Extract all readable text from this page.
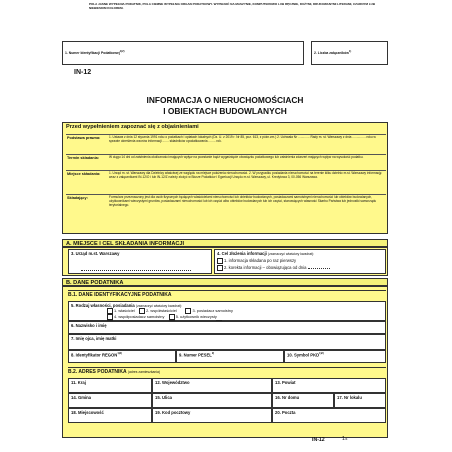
POLA JASNE WYPEŁNIA PODATNIK, POLA CIEMNE WYPEŁNIA ORGAN PODATKOWY. WYPEŁNIĆ NA MASZYNIE, KOMPUTEROWO LUB RĘCZNIE, DUŻYMI, DRUKOWANYMI LITERAMI, CZARNYM LUB NIEBIESKIM KOLOREM.
1. Numer Identyfikacji Podatkowej$^{1)2)}$	2. Liczba załączników$^{1)}$
IN-12
INFORMACJA O NIERUCHOMOŚCIACH
I OBIEKTACH BUDOWLANYCH
Przed wypełnieniem zapoznać się z objaśnieniami
Podstawa prawna:	1. Ustawa z dnia 12 stycznia 1991 roku o podatkach i opłatach lokalnych (Dz. U. z 2019 r. Nr 85, poz. 613, z późn.zm.) 2. Uchwała Nr ............. Rady m. st. Warszawy z dnia ............... roku w sprawie określenia wzorów informacji ....... składników opodatkowania ........ rok.
Termin składania:	W ciągu 14 dni od zaistnienia okoliczności mających wpływ na powstanie bądź wygaśnięcie obowiązku podatkowego lub zaistnienia zdarzeń mających wpływ na wysokość podatku.
Miejsce składania:	1. Urząd m. st. Warszawy dla Dzielnicy właściwej ze względu na miejsce położenia nieruchomości. 2. W przypadku posiadania nieruchomości na terenie kilku dzielnic m.st. Warszawy informację wraz z załącznikami IN-12/O i lub IN-12/Z należy złożyć w Biurze Podatków i Egzekucji Urzędu m.st. Warszawy, ul. Kredytowa 3, 00-056 Warszawa.
Składający:	Formularz przeznaczony jest dla osób fizycznych będących właścicielami nieruchomości lub obiektów budowlanych, posiadaczami samoistnymi nieruchomości lub obiektów budowlanych, użytkownikami wieczystymi gruntów, posiadaczami nieruchomości lub ich części albo obiektów budowlanych lub ich części, stanowiących własność Skarbu Państwa lub jednostki samorządu terytorialnego.
A. MIEJSCE I CEL SKŁADANIA INFORMACJI
3. Urząd m.st. Warszawy	4. Cel złożenia informacji (zaznaczyć właściwy kwadrat):
1. informacja składana po raz pierwszy
2. korekta informacji – obowiązująca od dnia
B. DANE PODATNIKA
B.1. DANE IDENTYFIKACYJNE PODATNIKA
5. Rodzaj własności, posiadania (zaznaczyć właściwy kwadrat):
1. właściciel	2. współwłaściciel	3. posiadacz samoistny
4. współposiadacz samoistny	5. użytkownik wieczysty

6. Nazwisko i imię
7. Imię ojca, imię matki
8. Identyfikator $REGON^{1)2)}$	9. Numer PESEL$^{2)}$	10. Symbol $PKD^{1)2)}$
B.2. ADRES PODATNIKA (adres zamieszkania)
11. Kraj	12. Województwo	13. Powiat
14. Gmina	15. Ulica	16. Nr domu	17. Nr lokalu
18. Miejscowość	19. Kod pocztowy	20. Poczta
IN-12	1/4
